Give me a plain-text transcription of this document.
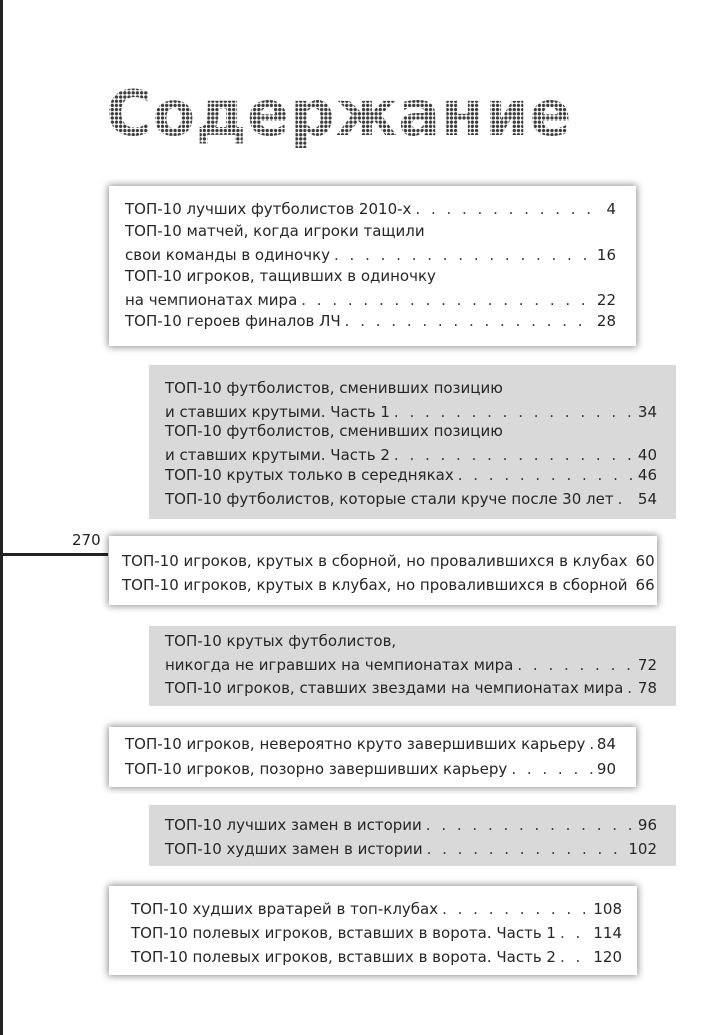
270
Содержание
ТОП-10 лучших футболистов 2010-х . . .	4
ТОП-10 матчей, когда игроки тащили
свои команды в одиночку . . .	16
ТОП-10 игроков, тащивших в одиночку
на чемпионатах мира . . .	22
ТОП-10 героев финалов ЛЧ . . .	28
ТОП-10 футболистов, сменивших позицию
и ставших крутыми. Часть 1 . . .	34
ТОП-10 футболистов, сменивших позицию
и ставших крутыми. Часть 2 . . .	40
ТОП-10 крутых только в середняках . . .	46
ТОП-10 футболистов, которые стали круче после 30 лет . . . 54
ТОП-10 игроков, крутых в сборной, но провалившихся в клубах 60
ТОП-10 игроков, крутых в клубах, но провалившихся в сборной 66
ТОП-10 крутых футболистов,
никогда не игравших на чемпионатах мира . . .	72
ТОП-10 игроков, ставших звездами на чемпионатах мира . . . 78
ТОП-10 игроков, невероятно круто завершивших карьеру . . . 84
ТОП-10 игроков, позорно завершивших карьеру . . .	90
ТОП-10 лучших замен в истории . . .	96
ТОП-10 худших замен в истории . . .	102
ТОП-10 худших вратарей в топ-клубах . . .	108
ТОП-10 полевых игроков, вставших в ворота. Часть 1 . . . 114
ТОП-10 полевых игроков, вставших в ворота. Часть 2 . . . 120
